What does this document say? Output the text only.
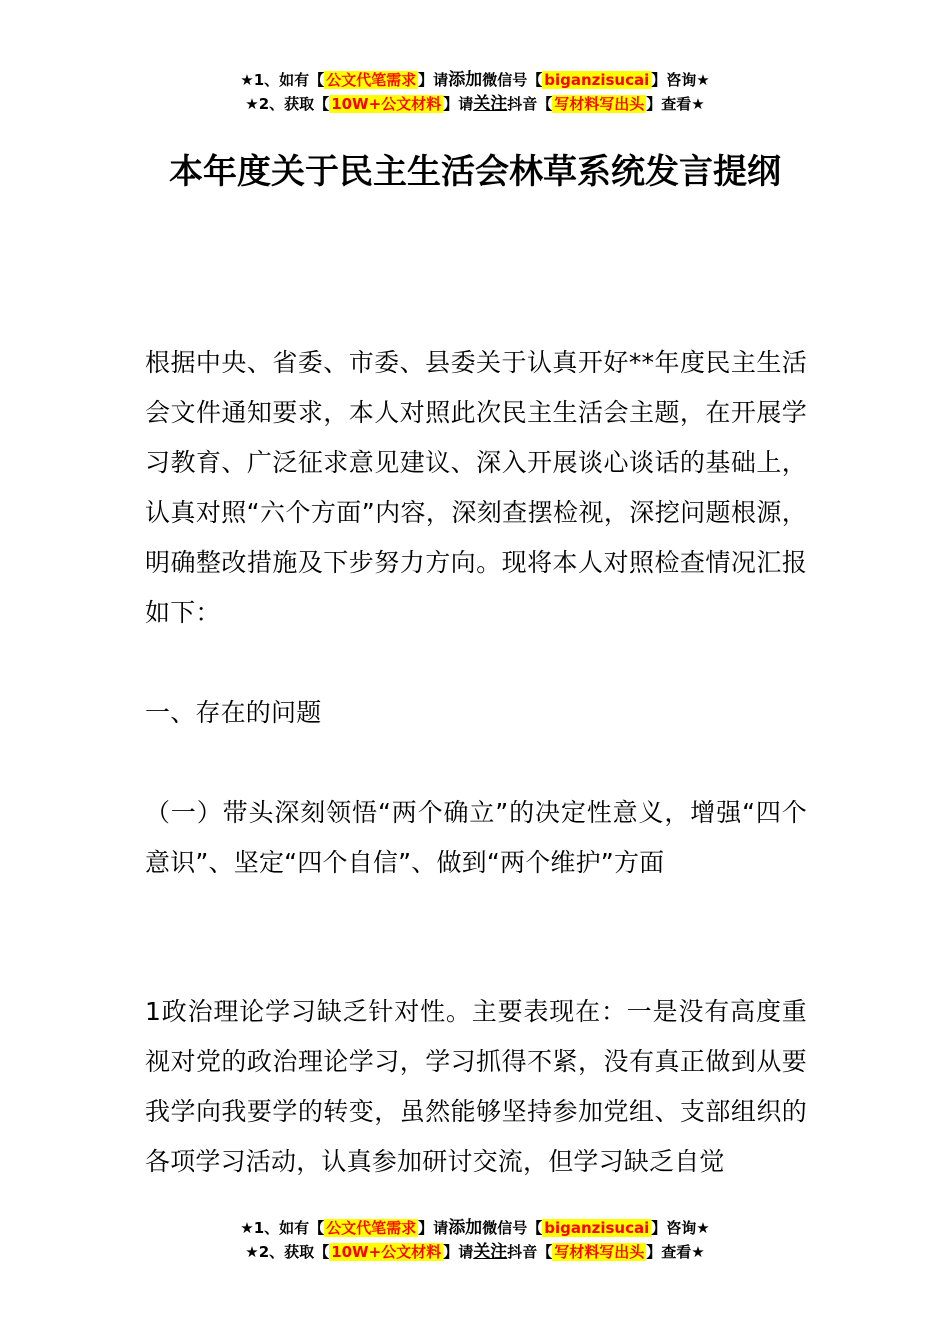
★1、如有【 公文代笔需求 】请添加微信号【 biganzisucai 】咨询★
★2、获取【 10W+公文材料 】请关注抖音【 写材料写出头 】查看★
本年度关于民主生活会林草系统发言提纲
根据中央、省委、市委、县委关于认真开好**年度民主生活会文件通知要求，本人对照此次民主生活会主题，在开展学习教育、广泛征求意见建议、深入开展谈心谈话的基础上，认真对照“六个方面”内容，深刻查摆检视，深挖问题根源，明确整改措施及下步努力方向。现将本人对照检查情况汇报如下：
一、存在的问题
（一）带头深刻领悟“两个确立”的决定性意义，增强“四个意识”、坚定“四个自信”、做到“两个维护”方面
1政治理论学习缺乏针对性。主要表现在：一是没有高度重视对党的政治理论学习，学习抓得不紧，没有真正做到从要我学向我要学的转变，虽然能够坚持参加党组、支部组织的各项学习活动，认真参加研讨交流，但学习缺乏自觉
★1、如有【 公文代笔需求 】请添加微信号【 biganzisucai 】咨询★
★2、获取【 10W+公文材料 】请关注抖音【 写材料写出头 】查看★
